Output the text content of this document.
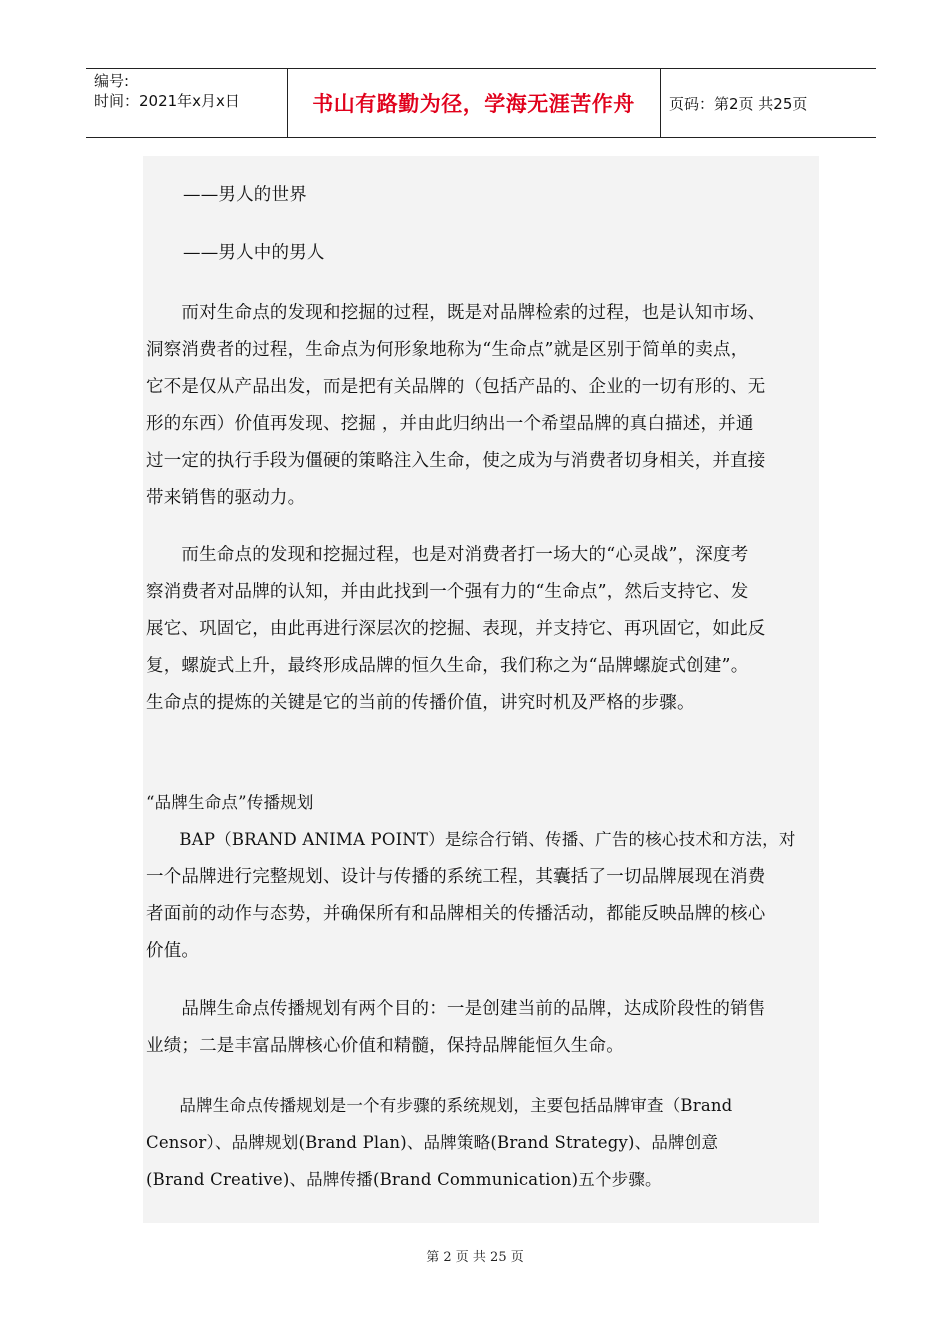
编号:
时间：2021年x月x日	书山有路勤为径，学海无涯苦作舟	页码：第2页 共25页
——男人的世界
——男人中的男人
　　而对生命点的发现和挖掘的过程，既是对品牌检索的过程，也是认知市场、
洞察消费者的过程，生命点为何形象地称为“生命点”就是区别于简单的卖点，
它不是仅从产品出发，而是把有关品牌的（包括产品的、企业的一切有形的、无
形的东西）价值再发现、挖掘 ，并由此归纳出一个希望品牌的真白描述，并通
过一定的执行手段为僵硬的策略注入生命，使之成为与消费者切身相关，并直接
带来销售的驱动力。
　　而生命点的发现和挖掘过程，也是对消费者打一场大的“心灵战”，深度考
察消费者对品牌的认知，并由此找到一个强有力的“生命点”，然后支持它、发
展它、巩固它，由此再进行深层次的挖掘、表现，并支持它、再巩固它，如此反
复，螺旋式上升，最终形成品牌的恒久生命，我们称之为“品牌螺旋式创建”。
生命点的提炼的关键是它的当前的传播价值，讲究时机及严格的步骤。
“品牌生命点”传播规划
　　BAP（BRAND ANIMA POINT）是综合行销、传播、广告的核心技术和方法，对
一个品牌进行完整规划、设计与传播的系统工程，其囊括了一切品牌展现在消费
者面前的动作与态势，并确保所有和品牌相关的传播活动，都能反映品牌的核心
价值。
　　品牌生命点传播规划有两个目的：一是创建当前的品牌，达成阶段性的销售
业绩；二是丰富品牌核心价值和精髓，保持品牌能恒久生命。
　　品牌生命点传播规划是一个有步骤的系统规划，主要包括品牌审查（Brand
Censor）、品牌规划(Brand Plan)、品牌策略(Brand Strategy)、品牌创意
(Brand Creative)、品牌传播(Brand Communication)五个步骤。
第 2 页 共 25 页
